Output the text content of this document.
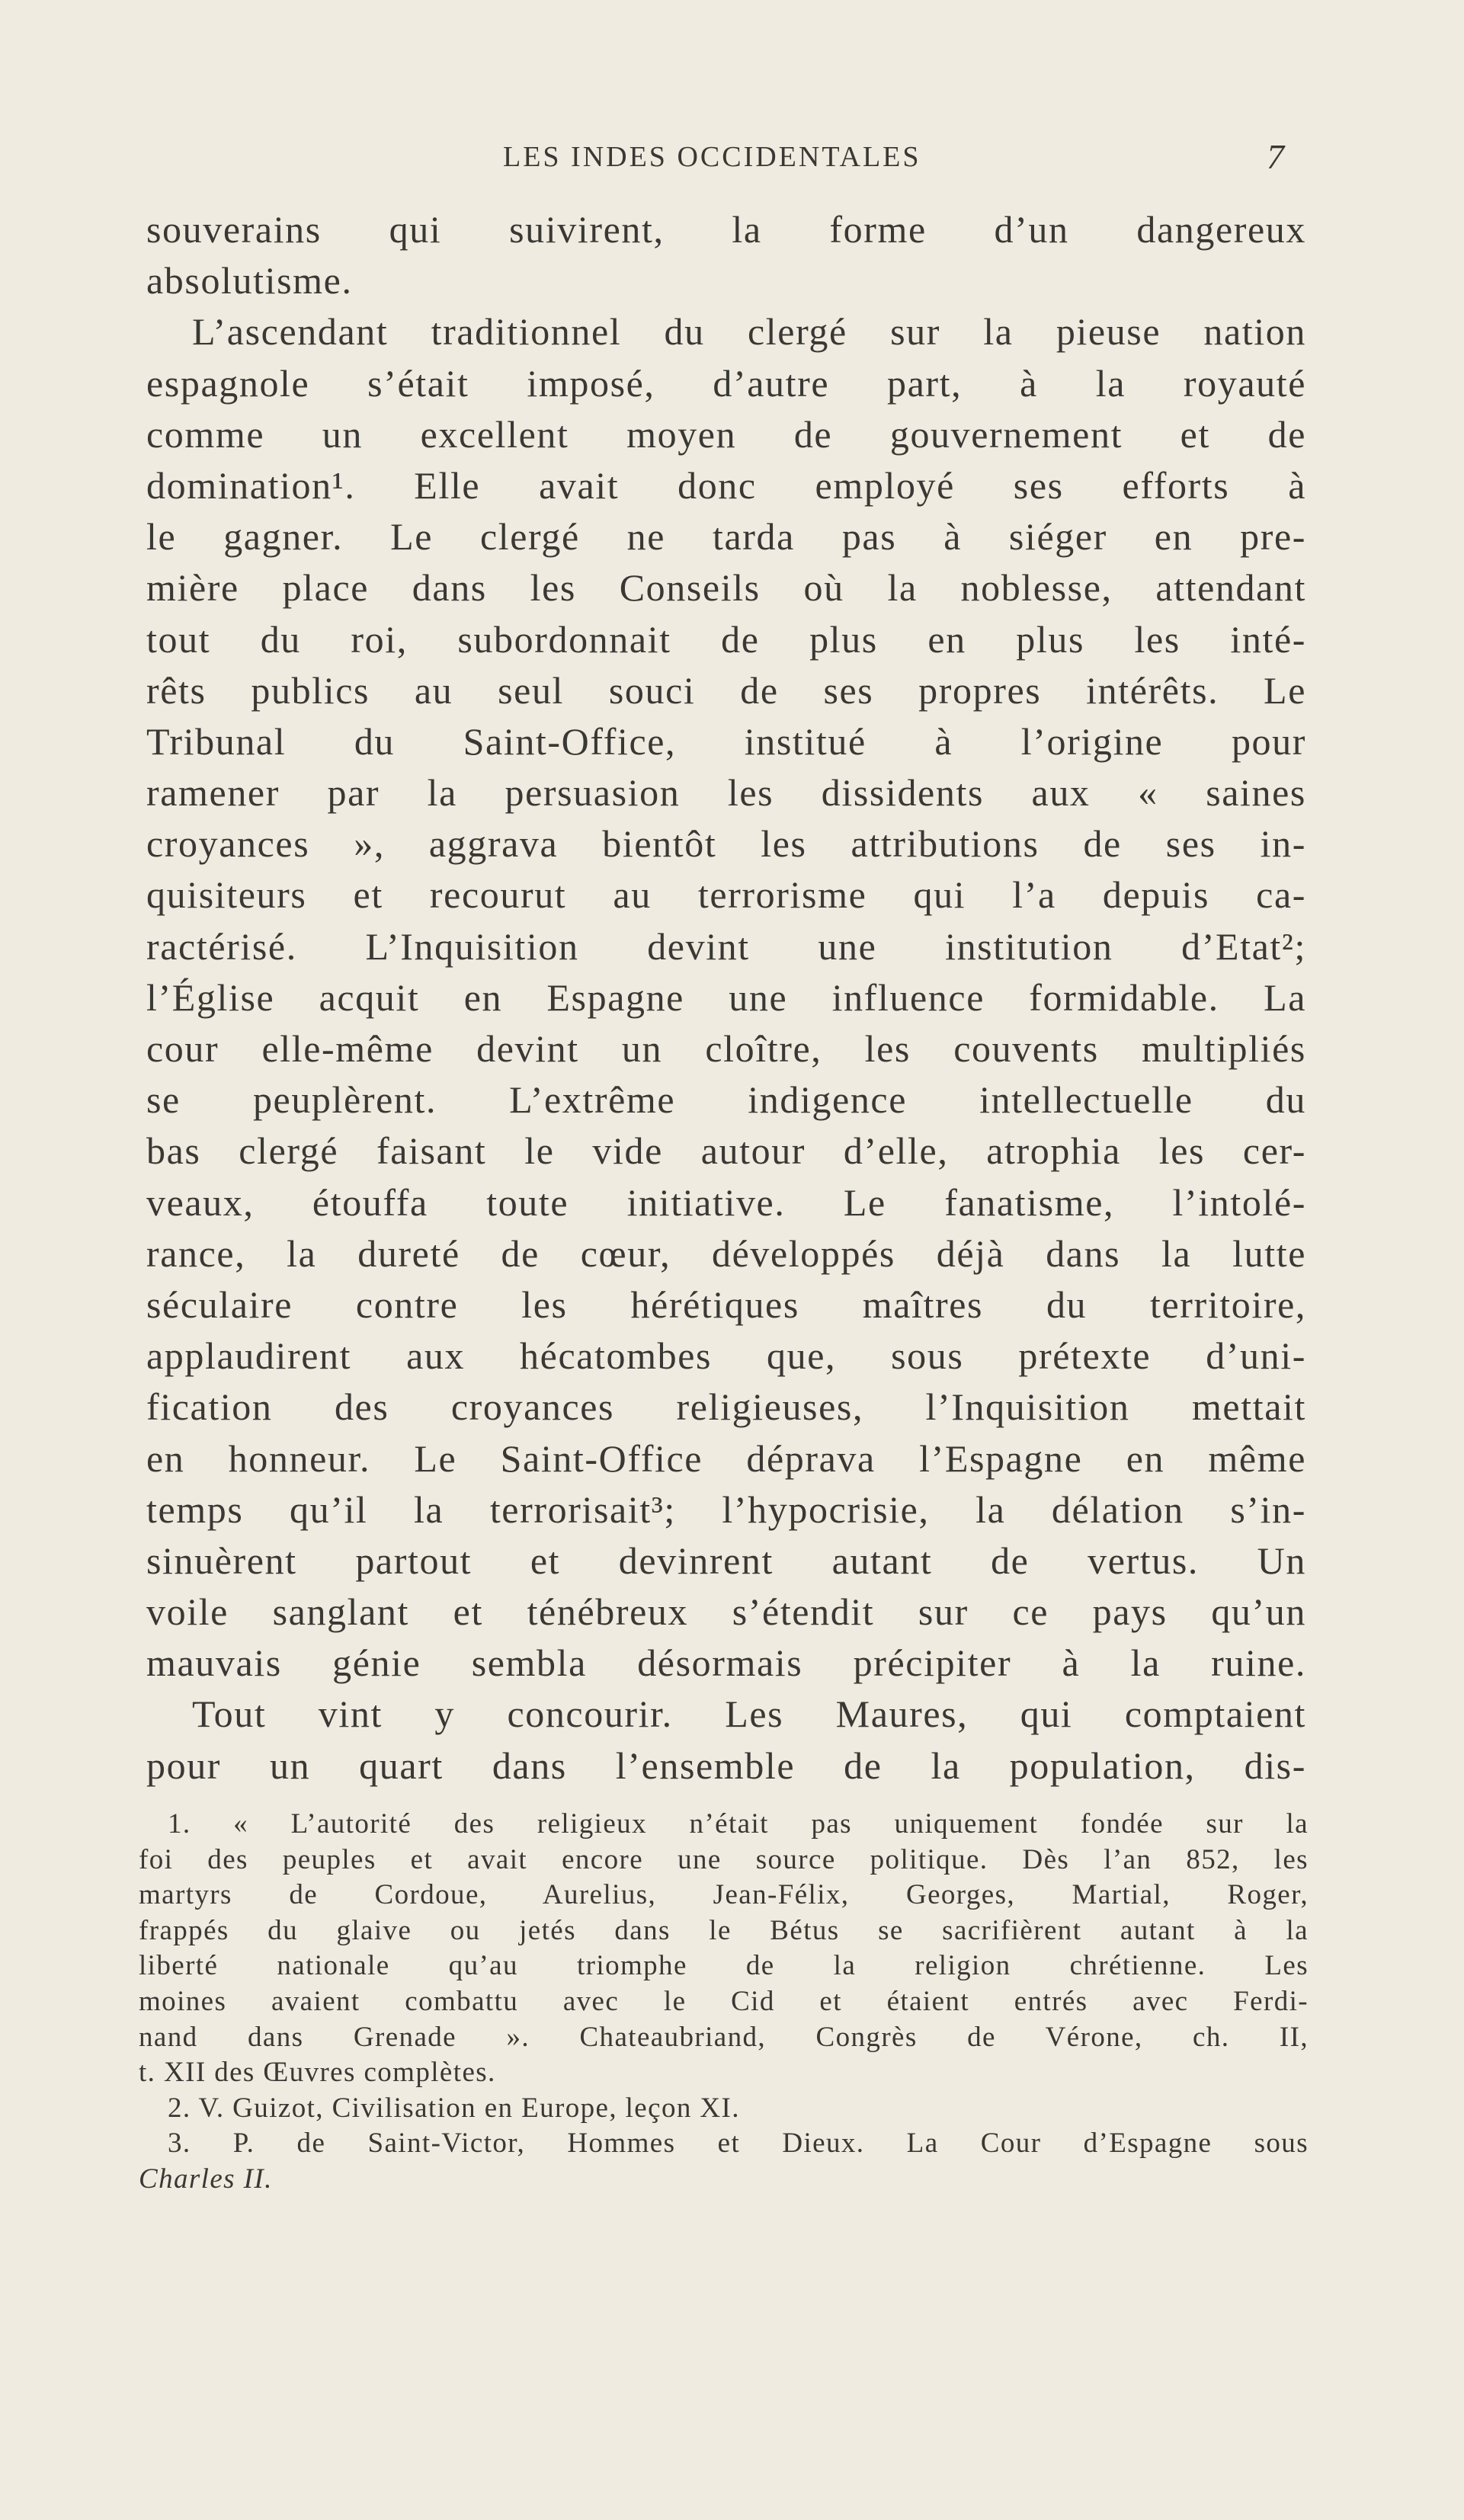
LES INDES OCCIDENTALES	7
souverains qui suivirent, la forme d’un dangereux
absolutisme.
L’ascendant traditionnel du clergé sur la pieuse nation
espagnole s’était imposé, d’autre part, à la royauté
comme un excellent moyen de gouvernement et de
domination¹. Elle avait donc employé ses efforts à
le gagner. Le clergé ne tarda pas à siéger en pre-
mière place dans les Conseils où la noblesse, attendant
tout du roi, subordonnait de plus en plus les inté-
rêts publics au seul souci de ses propres intérêts. Le
Tribunal du Saint-Office, institué à l’origine pour
ramener par la persuasion les dissidents aux « saines
croyances », aggrava bientôt les attributions de ses in-
quisiteurs et recourut au terrorisme qui l’a depuis ca-
ractérisé. L’Inquisition devint une institution d’Etat²;
l’Église acquit en Espagne une influence formidable. La
cour elle-même devint un cloître, les couvents multipliés
se peuplèrent. L’extrême indigence intellectuelle du
bas clergé faisant le vide autour d’elle, atrophia les cer-
veaux, étouffa toute initiative. Le fanatisme, l’intolé-
rance, la dureté de cœur, développés déjà dans la lutte
séculaire contre les hérétiques maîtres du territoire,
applaudirent aux hécatombes que, sous prétexte d’uni-
fication des croyances religieuses, l’Inquisition mettait
en honneur. Le Saint-Office déprava l’Espagne en même
temps qu’il la terrorisait³; l’hypocrisie, la délation s’in-
sinuèrent partout et devinrent autant de vertus. Un
voile sanglant et ténébreux s’étendit sur ce pays qu’un
mauvais génie sembla désormais précipiter à la ruine.
Tout vint y concourir. Les Maures, qui comptaient
pour un quart dans l’ensemble de la population, dis-
1. « L’autorité des religieux n’était pas uniquement fondée sur la
foi des peuples et avait encore une source politique. Dès l’an 852, les
martyrs de Cordoue, Aurelius, Jean-Félix, Georges, Martial, Roger,
frappés du glaive ou jetés dans le Bétus se sacrifièrent autant à la
liberté nationale qu’au triomphe de la religion chrétienne. Les
moines avaient combattu avec le Cid et étaient entrés avec Ferdi-
nand dans Grenade ». Chateaubriand, Congrès de Vérone, ch. II,
t. XII des Œuvres complètes.
2. V. Guizot, Civilisation en Europe, leçon XI.
3. P. de Saint-Victor, Hommes et Dieux. La Cour d’Espagne sous
Charles II.
